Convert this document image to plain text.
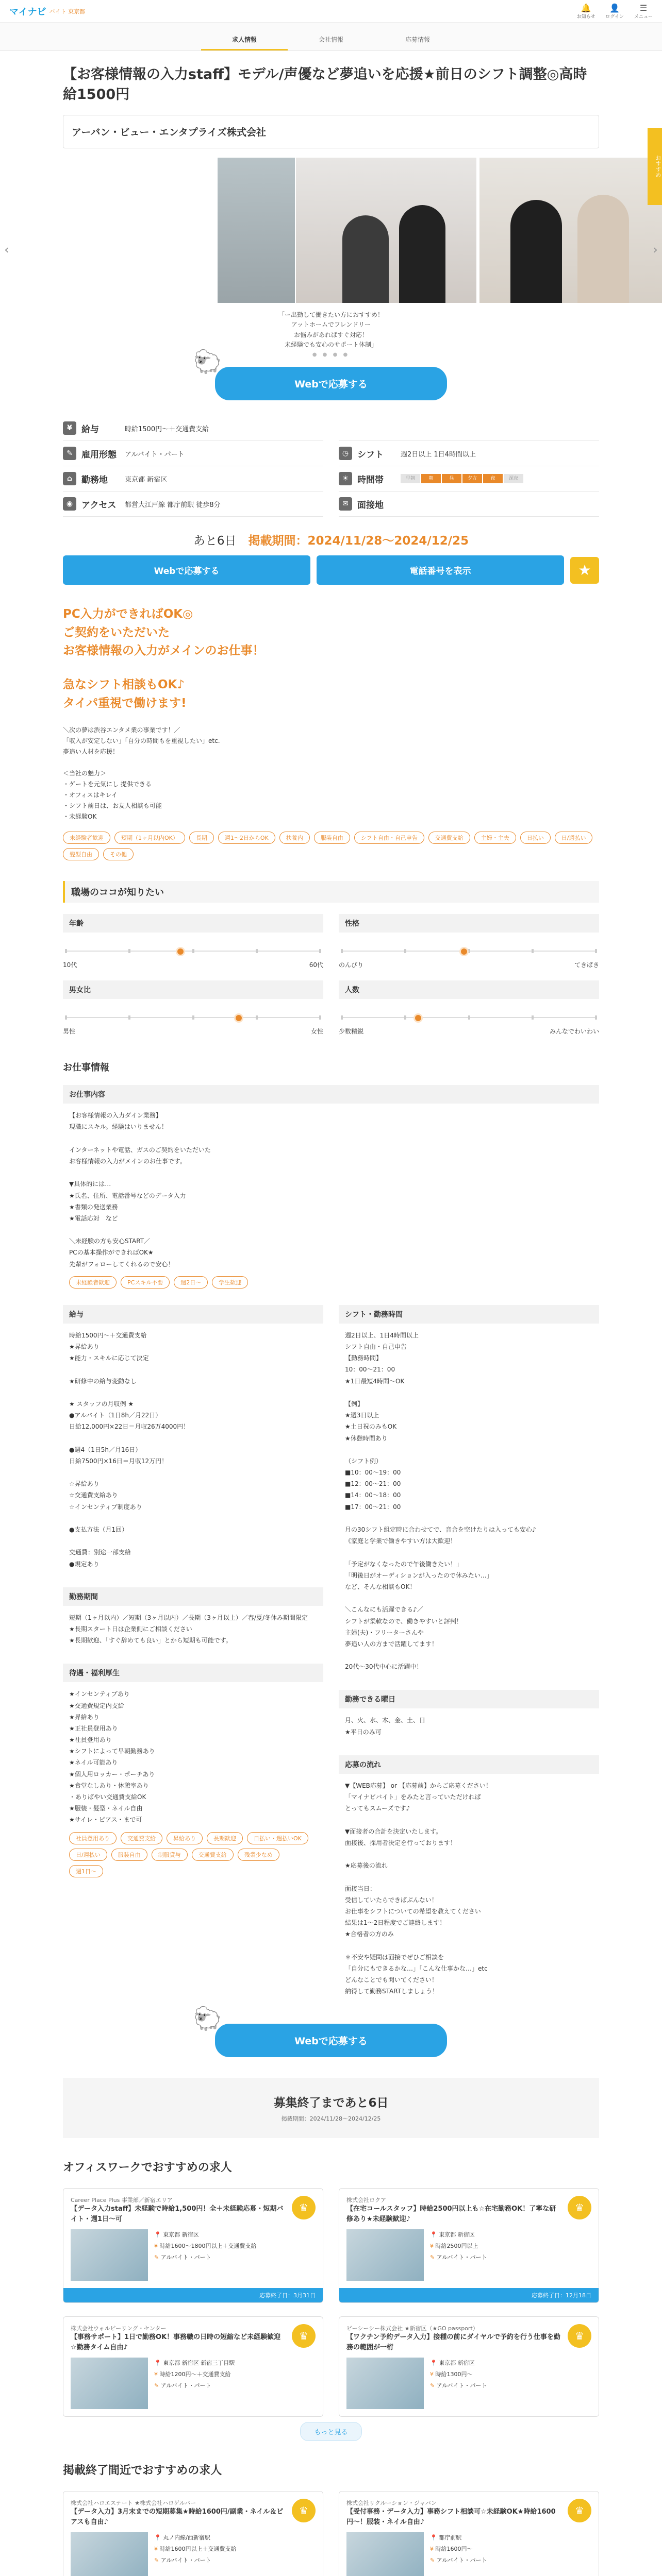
マイナビ バイト 東京都	🔔
お知らせ
👤
ログイン
☰
メニュー
求人情報	会社情報	応募情報
【お客様情報の入力staff】モデル/声優など夢追いを応援★前日のシフト調整◎高時給1500円
アーバン・ビュー・エンタプライズ株式会社
「ー出勤して働きたい方におすすめ！
アットホームでフレンドリー
お悩みがあればすぐ対応！
未経験でも安心のサポート体制」
● ● ● ●
🐑
Webで応募する
¥	給与	時給1500円〜＋交通費支給
✎	雇用形態 アルバイト・パート	◷ シフト	週2日以上 1日4時間以上
⌂	勤務地	東京都 新宿区	☀ 時間帯	早朝	朝	昼	夕方	夜	深夜
◉ アクセス 都営大江戸線 都庁前駅 徒歩8分	✉	面接地
あと6日　 掲載期間：2024/11/28〜2024/12/25
Webで応募する	電話番号を表示	★
PC入力ができればOK◎
ご契約をいただいた
お客様情報の入力がメインのお仕事！
急なシフト相談もOK♪
タイパ重視で働けます!
＼次の夢は渋谷エンタメ業の事業です！／
「収入が安定しない」「自分の時間もを重視したい」etc.
夢追い人材を応援！

＜当社の魅力＞
・ゲートを元気にし 提供できる
・オフィスはキレイ
・シフト前日は、お友人相談も可能
・未経験OK
未経験者歓迎	短期（1ヶ月以内OK）	長期	週1〜2日からOK	扶養内	服装自由	シフト自由・自己申告	交通費支給	主婦・主夫	日払い	日/週払い
髪型自由	その他
職場のココが知りたい
年齢
10代	60代
性格
のんびり	てきぱき
男女比
男性	女性
人数
少数精鋭	みんなでわいわい
お仕事情報
お仕事内容
【お客様情報の入力ダイン業務】
現職にスキル。経験はいりません！

インターネットや電話、ガスのご契約をいただいた
お客様情報の入力がメインのお仕事です。

▼具体的には…
★氏名、住所、電話番号などのデータ入力
★書類の発送業務
★電話応対　など

＼未経験の方も安心START／
PCの基本操作ができればOK★
先輩がフォローしてくれるので安心！
未経験者歓迎	PCスキル不要	週2日〜	学生歓迎
給与
時給1500円〜＋交通費支給
★昇給あり
★能力・スキルに応じて決定

★研修中の給与変動なし

★ スタッフの月収例 ★
●アルバイト（1日8h／月22日）
日給12,000円×22日＝月収26万4000円！

●週4（1日5h／月16日）
日給7500円×16日＝月収12万円！

☆昇給あり
☆交通費支給あり
☆インセンティブ制度あり

●支払方法（月1回）

交通費：別途一部支給
●規定あり
勤務期間
短期（1ヶ月以内）／短期（3ヶ月以内）／長期（3ヶ月以上）／春/夏/冬休み期間限定
★長期スタート日は企業側にご相談ください
★長期歓迎、「すぐ辞めても良い」とから短期も可能です。
待遇・福利厚生
★インセンティブあり
★交通費規定内支給
★昇給あり
★正社員登用あり
★社員登用あり
★シフトによって早朝勤務あり
★ネイル可能あり
★個人用ロッカー・ポーチあり
★食堂なしあり・休憩室あり
・ありばやい交通費支給OK
★服装・髪型・ネイル自由
★サイレ・ピアス・まで可
社員登用あり	交通費支給	昇給あり	長期歓迎	日払い・週払いOK
日/週払い	服装自由	制服貸与	交通費支給	残業少なめ
週1日〜
シフト・勤務時間
週2日以上、1日4時間以上
シフト自由・自己申告
【勤務時間】
10：00〜21：00
★1日最短4時間〜OK

【例】
★週3日以上
★土日祝のみもOK
★休憩時間あり

（シフト例）
■10：00〜19：00
■12：00〜21：00
■14：00〜18：00
■17：00〜21：00

月の30シフト組定時に合わせてで、音合を空けたりは入っても安心♪
《家庭と学業で働きやすい方は大歓迎！

「予定がなくなったので午後働きたい！」
「明後日がオーディションが入ったので休みたい…」
など、そんな相談もOK！

＼こんなにも活躍できる♪／
シフトが柔軟なので、働きやすいと評判！
主婦(夫)・フリーターさんや
夢追い人の方まで活躍してます！

20代〜30代中心に活躍中！
勤務できる曜日
月、火、水、木、金、土、日
★平日のみ可
応募の流れ
▼【WEB応募】 or 【応募前】からご応募ください！
「マイナビバイト」をみたと言っていただければ
とってもスムーズです♪

▼面接者の合計を決定いたします。
面接後、採用者決定を行っております！

★応募後の流れ

面接当日：
受信していたらできばぶんない！
お仕事をシフトについての希望を教えてください
結果は1〜2日程度でご連絡します！
★合格者の方のみ

＊不安や疑問は面接でぜひご相談を
「自分にもできるかな…」「こんな仕事かな…」etc
どんなことでも聞いてください！
納得して勤務STARTしましょう！
🐑
Webで応募する
募集終了まであと6日
掲載期間：2024/11/28〜2024/12/25
オフィスワークでおすすめの求人
Career Place Plus 事業部／新宿エリア
【データ入力staff】未経験で時給1,500円！全＋未経験応募・短期バイト・週1日〜可
♛
📍 東京都 新宿区
¥ 時給1600〜1800円以上＋交通費支給
✎ アルバイト・パート
応募終了日：3月31日
株式会社ロクア
【在宅コールスタッフ】時給2500円以上も☆在宅勤務OK！了寧な研修あり★未経験歓迎♪
♛
📍 東京都 新宿区
¥ 時給2500円以上
✎ アルバイト・パート
応募終了日：12月18日
株式会社ウォルビーリング・センター
【事務サポート】1日で勤務OK！事務職の日時の短縮など未経験歓迎☆勤務タイム自由♪
♛
📍 東京都 新宿区 新宿三丁目駅
¥ 時給1200円〜＋交通費支給
✎ アルバイト・パート
ビーシーシー株式会社 ★新宿区（★GO passport）
【ワクチン予約データ入力】接種の前にダイヤルで予約を行う仕事を勤務の範囲が一桁
♛
📍 東京都 新宿区
¥ 時給1300円〜
✎ アルバイト・パート
もっと見る
掲載終了間近でおすすめの求人
株式会社ハロエステート ★株式会社ハロゲルバー
【データ入力】3月末までの短期募集★時給1600円/副業・ネイル＆ピアスも自由♪
♛
📍 丸ノ内線/西新宿駅
¥ 時給1600円以上＋交通費支給
✎ アルバイト・パート
株式会社リクルーション・ジャパン
【受付事務・データ入力】事務シフト相談可☆未経験OK★時給1600円〜！服装・ネイル自由♪
♛
📍 都庁前駅
¥ 時給1600円〜
✎ アルバイト・パート
‹	›
おすすめ
